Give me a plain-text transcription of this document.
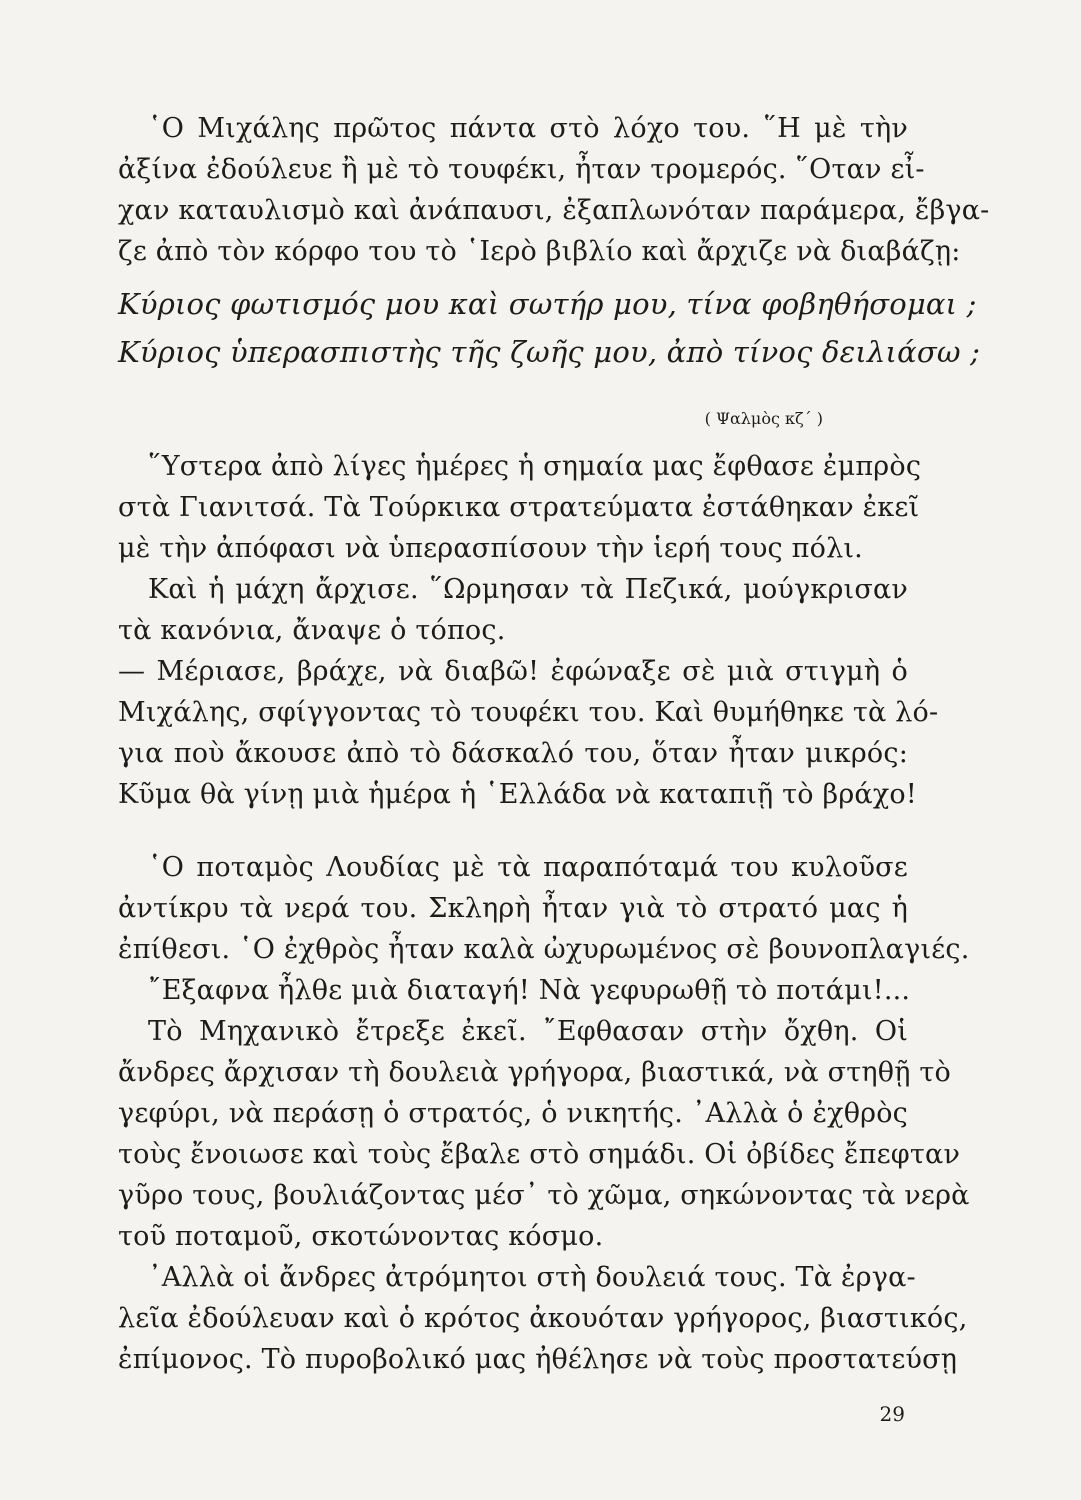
῾Ο Μιχάλης πρῶτος πάντα στὸ λόχο του. ῞Η μὲ τὴν

ἀξίνα ἐδούλευε ἢ μὲ τὸ τουφέκι, ἦταν τρομερός. ῞Οταν εἶ-

χαν καταυλισμὸ καὶ ἀνάπαυσι, ἐξαπλωνόταν παράμερα, ἔβγα-

ζε ἀπὸ τὸν κόρφο του τὸ ῾Ιερὸ βιβλίο καὶ ἄρχιζε νὰ διαβάζῃ:

Κύριος φωτισμός μου καὶ σωτήρ μου, τίνα φοβηθήσομαι ;

Κύριος ὑπερασπιστὴς τῆς ζωῆς μου, ἀπὸ τίνος δειλιάσω ;

( Ψαλμὸς κζ΄ )

῞Υστερα ἀπὸ λίγες ἡμέρες ἡ σημαία μας ἔφθασε ἐμπρὸς

στὰ Γιανιτσά. Τὰ Τούρκικα στρατεύματα ἐστάθηκαν ἐκεῖ

μὲ τὴν ἀπόφασι νὰ ὑπερασπίσουν τὴν ἱερή τους πόλι.

Καὶ ἡ μάχη ἄρχισε. ῞Ωρμησαν τὰ Πεζικά, μούγκρισαν

τὰ κανόνια, ἄναψε ὁ τόπος.

— Μέριασε, βράχε, νὰ διαβῶ! ἐφώναξε σὲ μιὰ στιγμὴ ὁ

Μιχάλης, σφίγγοντας τὸ τουφέκι του. Καὶ θυμήθηκε τὰ λό-

για ποὺ ἄκουσε ἀπὸ τὸ δάσκαλό του, ὅταν ἦταν μικρός:

Κῦμα θὰ γίνῃ μιὰ ἡμέρα ἡ ῾Ελλάδα νὰ καταπιῇ τὸ βράχο!

῾Ο ποταμὸς Λουδίας μὲ τὰ παραπόταμά του κυλοῦσε

ἀντίκρυ τὰ νερά του. Σκληρὴ ἦταν γιὰ τὸ στρατό μας ἡ

ἐπίθεσι. ῾Ο ἐχθρὸς ἦταν καλὰ ὠχυρωμένος σὲ βουνοπλαγιές.

῎Εξαφνα ἦλθε μιὰ διαταγή! Νὰ γεφυρωθῇ τὸ ποτάμι!...

Τὸ Μηχανικὸ ἔτρεξε ἐκεῖ. ῎Εφθασαν στὴν ὄχθη. Οἱ

ἄνδρες ἄρχισαν τὴ δουλειὰ γρήγορα, βιαστικά, νὰ στηθῇ τὸ

γεφύρι, νὰ περάσῃ ὁ στρατός, ὁ νικητής. ᾿Αλλὰ ὁ ἐχθρὸς

τοὺς ἔνοιωσε καὶ τοὺς ἔβαλε στὸ σημάδι. Οἱ ὀβίδες ἔπεφταν

γῦρο τους, βουλιάζοντας μέσ᾿ τὸ χῶμα, σηκώνοντας τὰ νερὰ

τοῦ ποταμοῦ, σκοτώνοντας κόσμο.

᾿Αλλὰ οἱ ἄνδρες ἀτρόμητοι στὴ δουλειά τους. Τὰ ἐργα-

λεῖα ἐδούλευαν καὶ ὁ κρότος ἀκουόταν γρήγορος, βιαστικός,

ἐπίμονος. Τὸ πυροβολικό μας ἠθέλησε νὰ τοὺς προστατεύσῃ

29
